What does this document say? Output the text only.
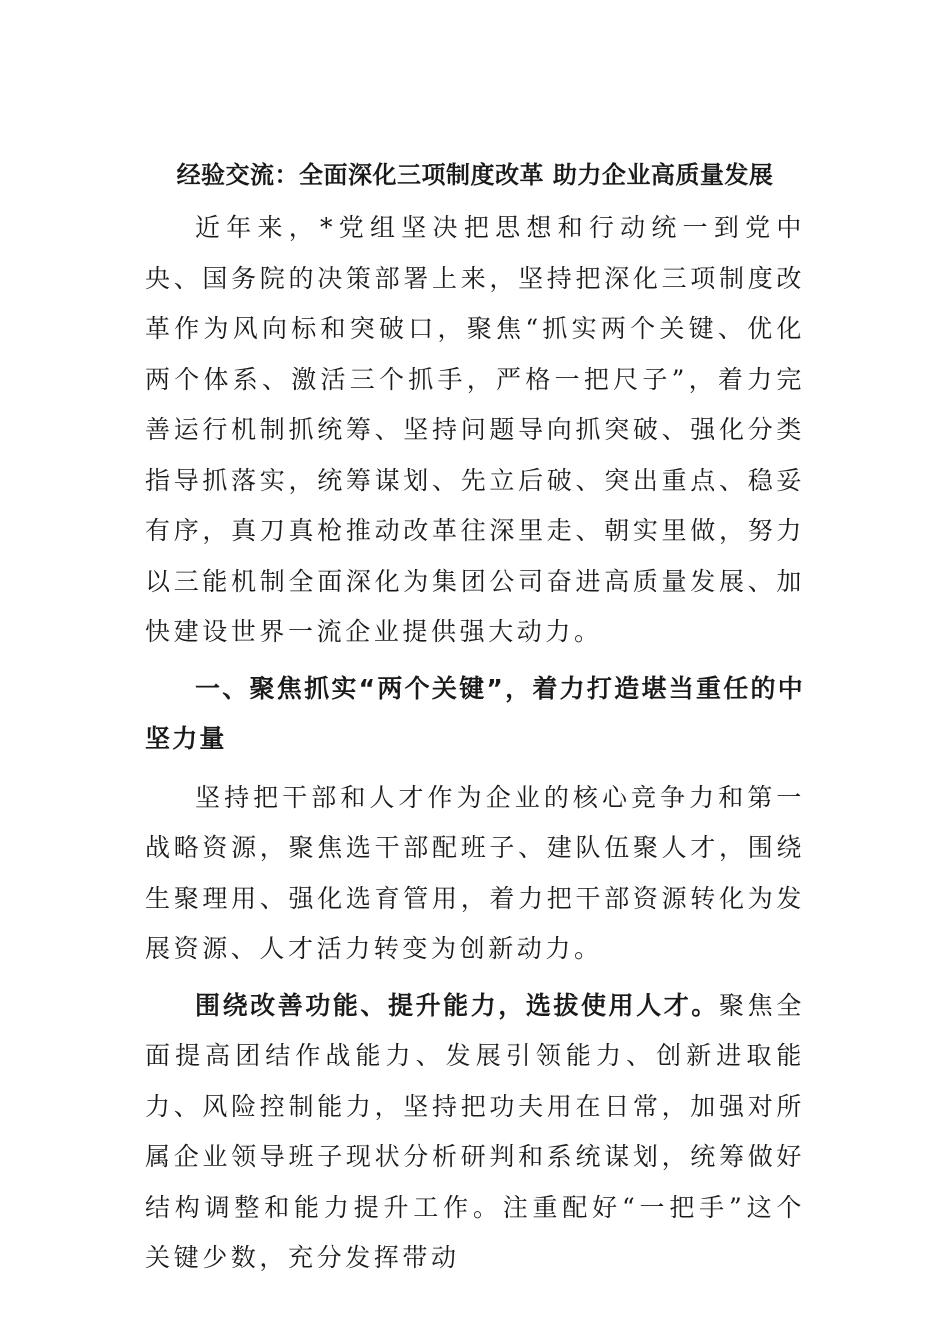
经验交流：全面深化三项制度改革 助力企业高质量发展

近年来，*党组坚决把思想和行动统一到党中央、国务院的决策部署上来，坚持把深化三项制度改革作为风向标和突破口，聚焦“抓实两个关键、优化两个体系、激活三个抓手，严格一把尺子”，着力完善运行机制抓统筹、坚持问题导向抓突破、强化分类指导抓落实，统筹谋划、先立后破、突出重点、稳妥有序，真刀真枪推动改革往深里走、朝实里做，努力以三能机制全面深化为集团公司奋进高质量发展、加快建设世界一流企业提供强大动力。

一、聚焦抓实“两个关键”，着力打造堪当重任的中坚力量

坚持把干部和人才作为企业的核心竞争力和第一战略资源，聚焦选干部配班子、建队伍聚人才，围绕生聚理用、强化选育管用，着力把干部资源转化为发展资源、人才活力转变为创新动力。

围绕改善功能、提升能力，选拔使用人才。聚焦全面提高团结作战能力、发展引领能力、创新进取能力、风险控制能力，坚持把功夫用在日常，加强对所属企业领导班子现状分析研判和系统谋划，统筹做好结构调整和能力提升工作。注重配好“一把手”这个关键少数，充分发挥带动
